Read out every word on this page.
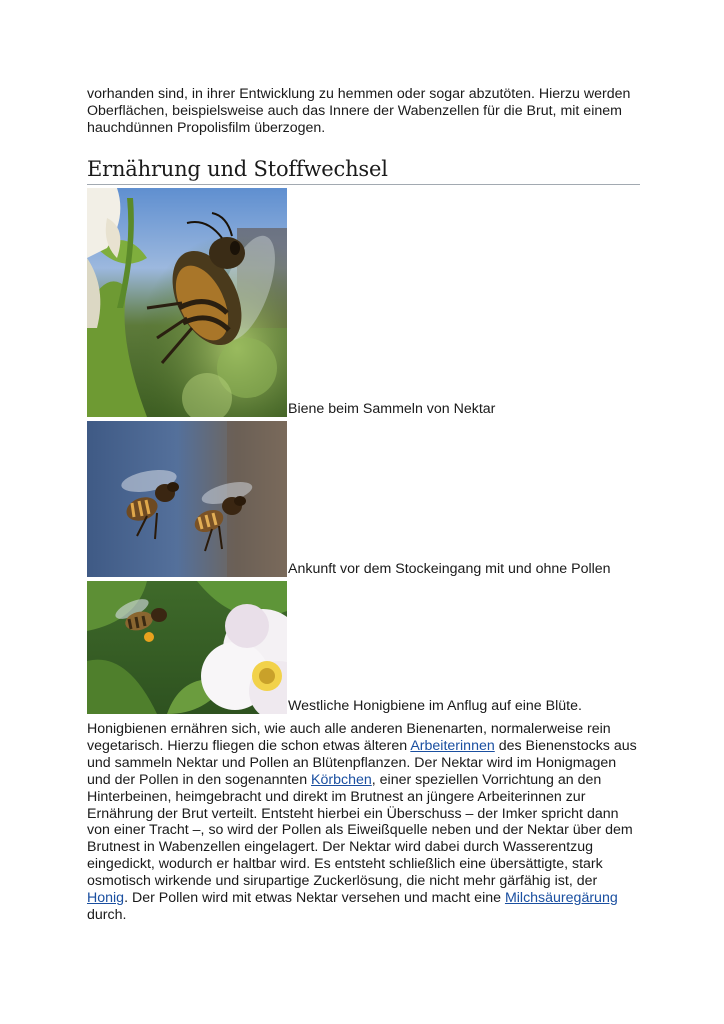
vorhanden sind, in ihrer Entwicklung zu hemmen oder sogar abzutöten. Hierzu werden Oberflächen, beispielsweise auch das Innere der Wabenzellen für die Brut, mit einem hauchdünnen Propolisfilm überzogen.

Ernährung und Stoffwechsel
Biene beim Sammeln von Nektar
Ankunft vor dem Stockeingang mit und ohne Pollen
Westliche Honigbiene im Anflug auf eine Blüte.

Honigbienen ernähren sich, wie auch alle anderen Bienenarten, normalerweise rein vegetarisch. Hierzu fliegen die schon etwas älteren Arbeiterinnen des Bienenstocks aus und sammeln Nektar und Pollen an Blütenpflanzen. Der Nektar wird im Honigmagen und der Pollen in den sogenannten Körbchen, einer speziellen Vorrichtung an den Hinterbeinen, heimgebracht und direkt im Brutnest an jüngere Arbeiterinnen zur Ernährung der Brut verteilt. Entsteht hierbei ein Überschuss – der Imker spricht dann von einer Tracht –, so wird der Pollen als Eiweißquelle neben und der Nektar über dem Brutnest in Wabenzellen eingelagert. Der Nektar wird dabei durch Wasserentzug eingedickt, wodurch er haltbar wird. Es entsteht schließlich eine übersättigte, stark osmotisch wirkende und sirupartige Zuckerlösung, die nicht mehr gärfähig ist, der Honig. Der Pollen wird mit etwas Nektar versehen und macht eine Milchsäuregärung durch.
